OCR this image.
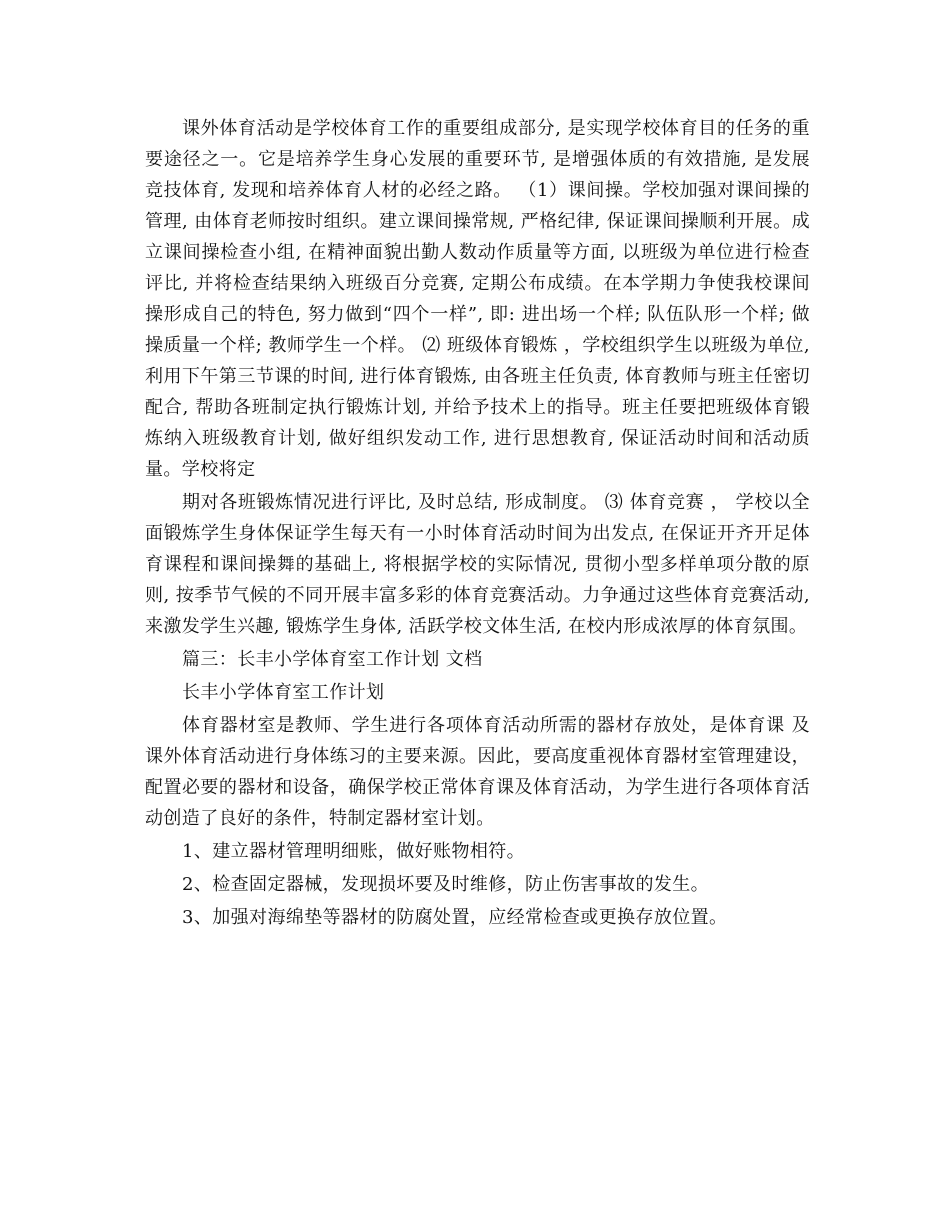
课外体育活动是学校体育工作的重要组成部分, 是实现学校体育目的任务的重要途径之一。它是培养学生身心发展的重要环节, 是增强体质的有效措施, 是发展竞技体育, 发现和培养体育人材的必经之路。 （1）课间操。学校加强对课间操的管理, 由体育老师按时组织。建立课间操常规, 严格纪律, 保证课间操顺利开展。成立课间操检查小组, 在精神面貌出勤人数动作质量等方面, 以班级为单位进行检查评比, 并将检查结果纳入班级百分竞赛, 定期公布成绩。在本学期力争使我校课间操形成自己的特色, 努力做到“四个一样”, 即: 进出场一个样; 队伍队形一个样; 做操质量一个样; 教师学生一个样。 ⑵ 班级体育锻炼 ，学校组织学生以班级为单位, 利用下午第三节课的时间, 进行体育锻炼, 由各班主任负责, 体育教师与班主任密切配合, 帮助各班制定执行锻炼计划, 并给予技术上的指导。班主任要把班级体育锻炼纳入班级教育计划, 做好组织发动工作, 进行思想教育, 保证活动时间和活动质量。学校将定

期对各班锻炼情况进行评比, 及时总结, 形成制度。 ⑶ 体育竞赛 ， 学校以全面锻炼学生身体保证学生每天有一小时体育活动时间为出发点, 在保证开齐开足体育课程和课间操舞的基础上, 将根据学校的实际情况, 贯彻小型多样单项分散的原则, 按季节气候的不同开展丰富多彩的体育竞赛活动。力争通过这些体育竞赛活动, 来激发学生兴趣, 锻炼学生身体, 活跃学校文体生活, 在校内形成浓厚的体育氛围。

篇三：长丰小学体育室工作计划 文档

长丰小学体育室工作计划

体育器材室是教师、学生进行各项体育活动所需的器材存放处，是体育课 及课外体育活动进行身体练习的主要来源。因此，要高度重视体育器材室管理建设，配置必要的器材和设备，确保学校正常体育课及体育活动，为学生进行各项体育活动创造了良好的条件，特制定器材室计划。

1、建立器材管理明细账，做好账物相符。

2、检查固定器械，发现损坏要及时维修，防止伤害事故的发生。

3、加强对海绵垫等器材的防腐处置，应经常检查或更换存放位置。
